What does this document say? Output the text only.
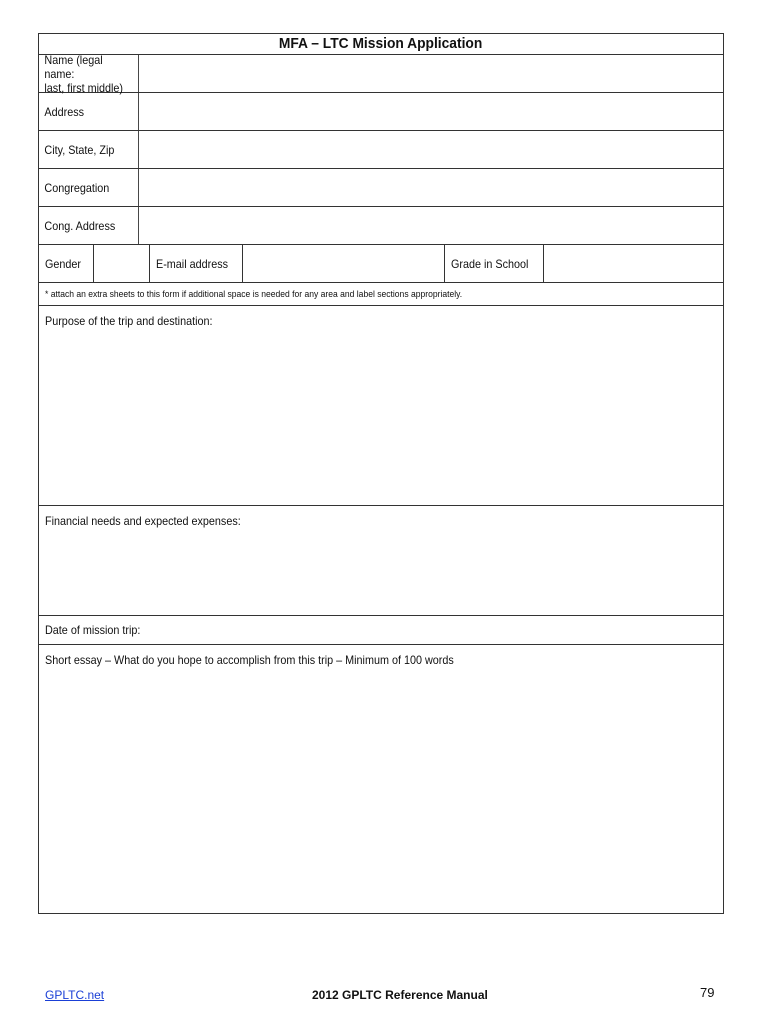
MFA – LTC Mission Application
Name (legal name:
last, first middle)
Address
City, State, Zip
Congregation
Cong. Address
Gender	E-mail address	Grade in School
* attach an extra sheets to this form if additional space is needed for any area and label sections appropriately.
Purpose of the trip and destination:
Financial needs and expected expenses:
Date of mission trip:
Short essay – What do you hope to accomplish from this trip – Minimum of 100 words
GPLTC.net	2012 GPLTC Reference Manual	79
